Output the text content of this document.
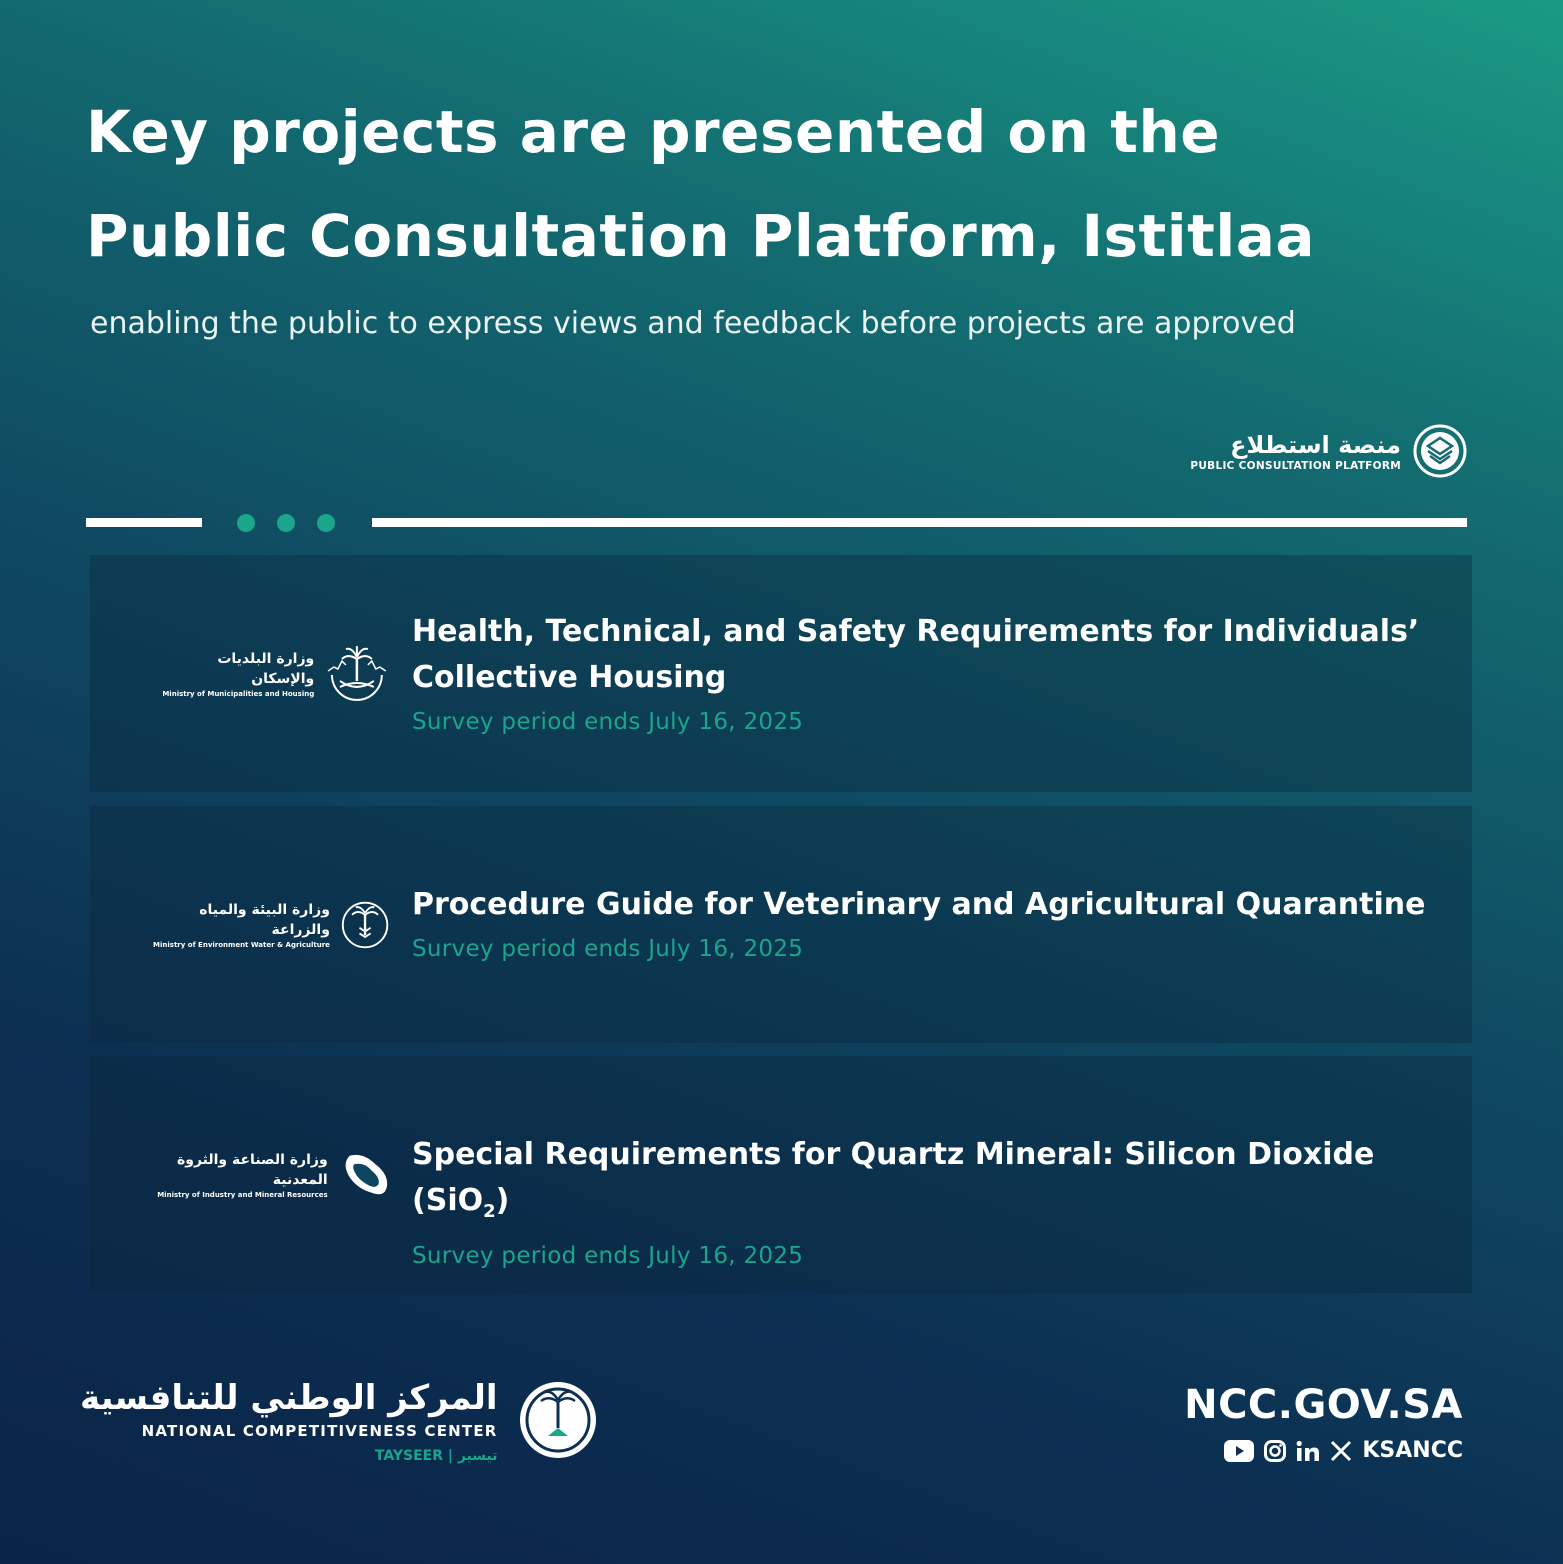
Key projects are presented on the
Public Consultation Platform, Istitlaa

enabling the public to express views and feedback before projects are approved

منصة استطلاع
PUBLIC CONSULTATION PLATFORM
وزارة البلديات والإسكان
Ministry of Municipalities and Housing
Health, Technical, and Safety Requirements for Individuals’ Collective Housing
Survey period ends July 16, 2025
وزارة البيئة والمياه والزراعة
Ministry of Environment Water & Agriculture
Procedure Guide for Veterinary and Agricultural Quarantine
Survey period ends July 16, 2025
وزارة الصناعة والثروة المعدنية
Ministry of Industry and Mineral Resources
Special Requirements for Quartz Mineral: Silicon Dioxide (SiO$_2$)
Survey period ends July 16, 2025
المركز الوطني للتنافسية
NATIONAL COMPETITIVENESS CENTER
TAYSEER | تيسير
NCC.GOV.SA
KSANCC
